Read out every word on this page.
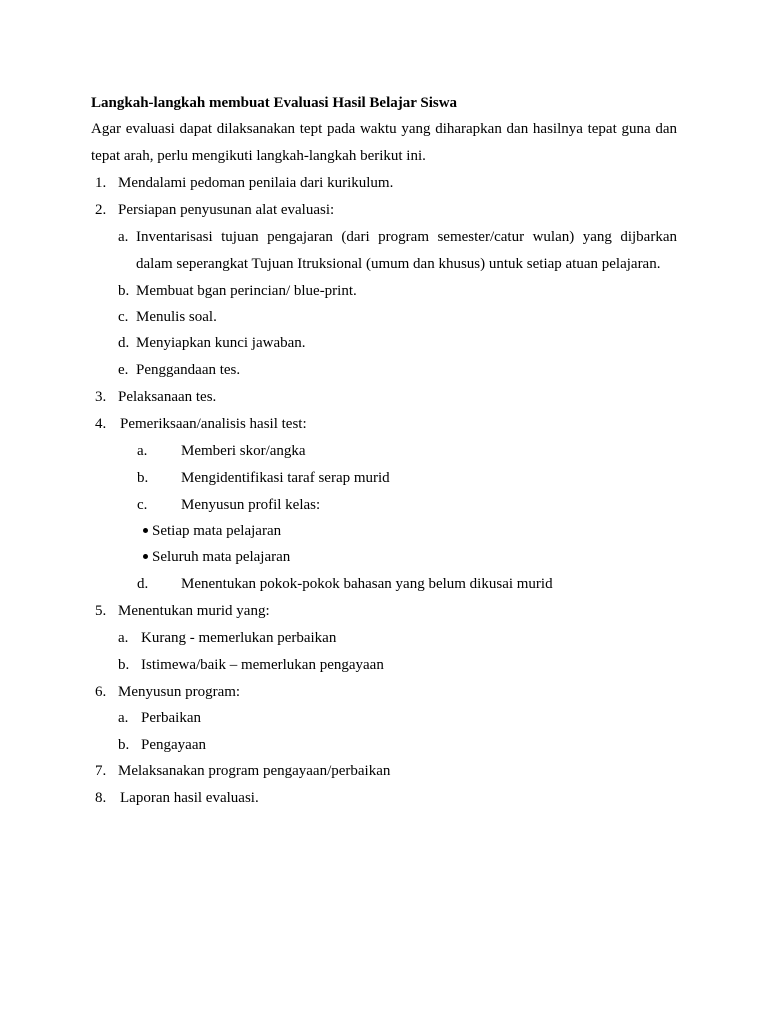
Langkah-langkah membuat Evaluasi Hasil Belajar Siswa
Agar evaluasi dapat dilaksanakan tept pada waktu yang diharapkan dan hasilnya tepat guna dan
tepat arah, perlu mengikuti langkah-langkah berikut ini.
1. Mendalami pedoman penilaia dari kurikulum.
2. Persiapan penyusunan alat evaluasi:
a. Inventarisasi tujuan pengajaran (dari program semester/catur wulan) yang dijbarkan
dalam seperangkat Tujuan Itruksional (umum dan khusus) untuk setiap atuan pelajaran.
b. Membuat bgan perincian/ blue-print.
c. Menulis soal.
d. Menyiapkan kunci jawaban.
e. Penggandaan tes.
3. Pelaksanaan tes.
4. Pemeriksaan/analisis hasil test:
a. Memberi skor/angka
b. Mengidentifikasi taraf serap murid
c. Menyusun profil kelas:
Setiap mata pelajaran
Seluruh mata pelajaran
d. Menentukan pokok-pokok bahasan yang belum dikusai murid
5. Menentukan murid yang:
a. Kurang - memerlukan perbaikan
b. Istimewa/baik – memerlukan pengayaan
6. Menyusun program:
a. Perbaikan
b. Pengayaan
7. Melaksanakan program pengayaan/perbaikan
8. Laporan hasil evaluasi.
